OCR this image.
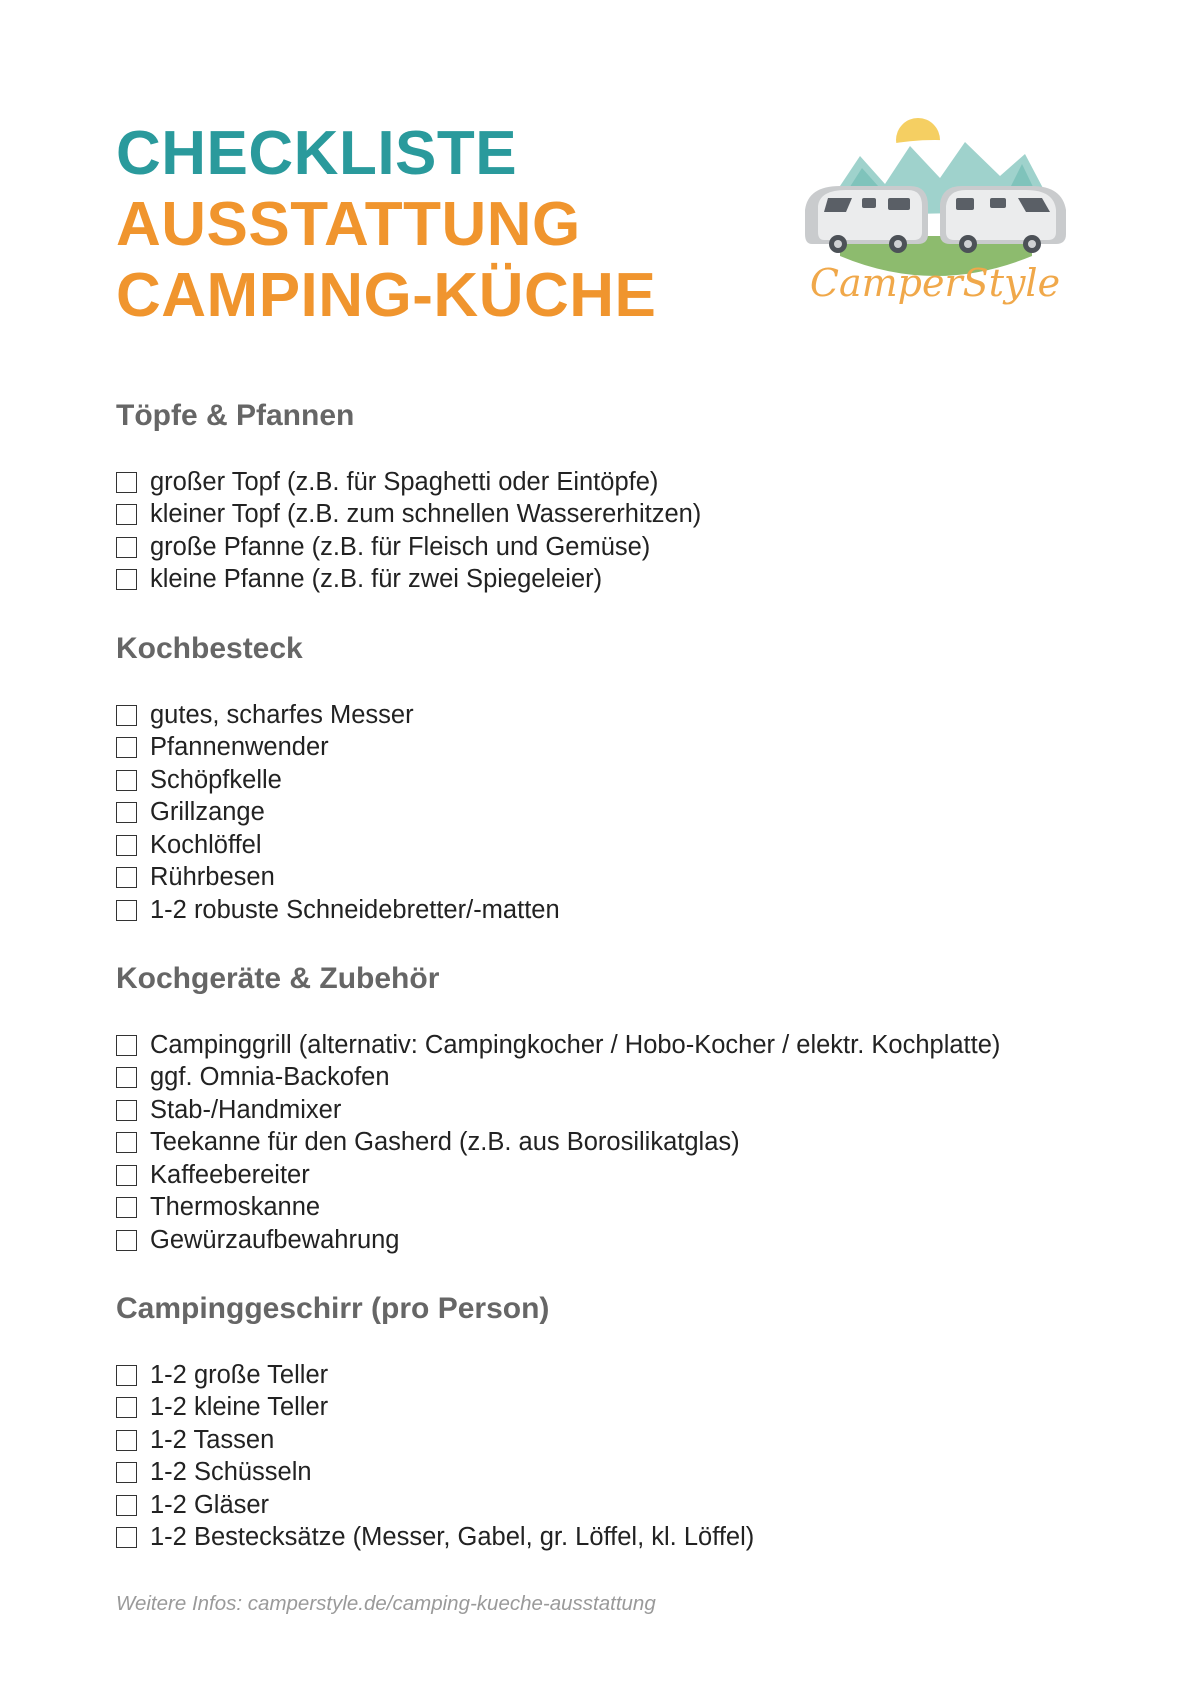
CHECKLISTE
AUSSTATTUNG
CAMPING-KÜCHE	CamperStyle
Töpfe & Pfannen
großer Topf (z.B. für Spaghetti oder Eintöpfe)
kleiner Topf (z.B. zum schnellen Wassererhitzen)
große Pfanne (z.B. für Fleisch und Gemüse)
kleine Pfanne (z.B. für zwei Spiegeleier)
Kochbesteck
gutes, scharfes Messer
Pfannenwender
Schöpfkelle
Grillzange
Kochlöffel
Rührbesen
1-2 robuste Schneidebretter/-matten
Kochgeräte & Zubehör
Campinggrill (alternativ: Campingkocher / Hobo-Kocher / elektr. Kochplatte)
ggf. Omnia-Backofen
Stab-/Handmixer
Teekanne für den Gasherd (z.B. aus Borosilikatglas)
Kaffeebereiter
Thermoskanne
Gewürzaufbewahrung
Campinggeschirr (pro Person)
1-2 große Teller
1-2 kleine Teller
1-2 Tassen
1-2 Schüsseln
1-2 Gläser
1-2 Bestecksätze (Messer, Gabel, gr. Löffel, kl. Löffel)
Weitere Infos: camperstyle.de/camping-kueche-ausstattung
